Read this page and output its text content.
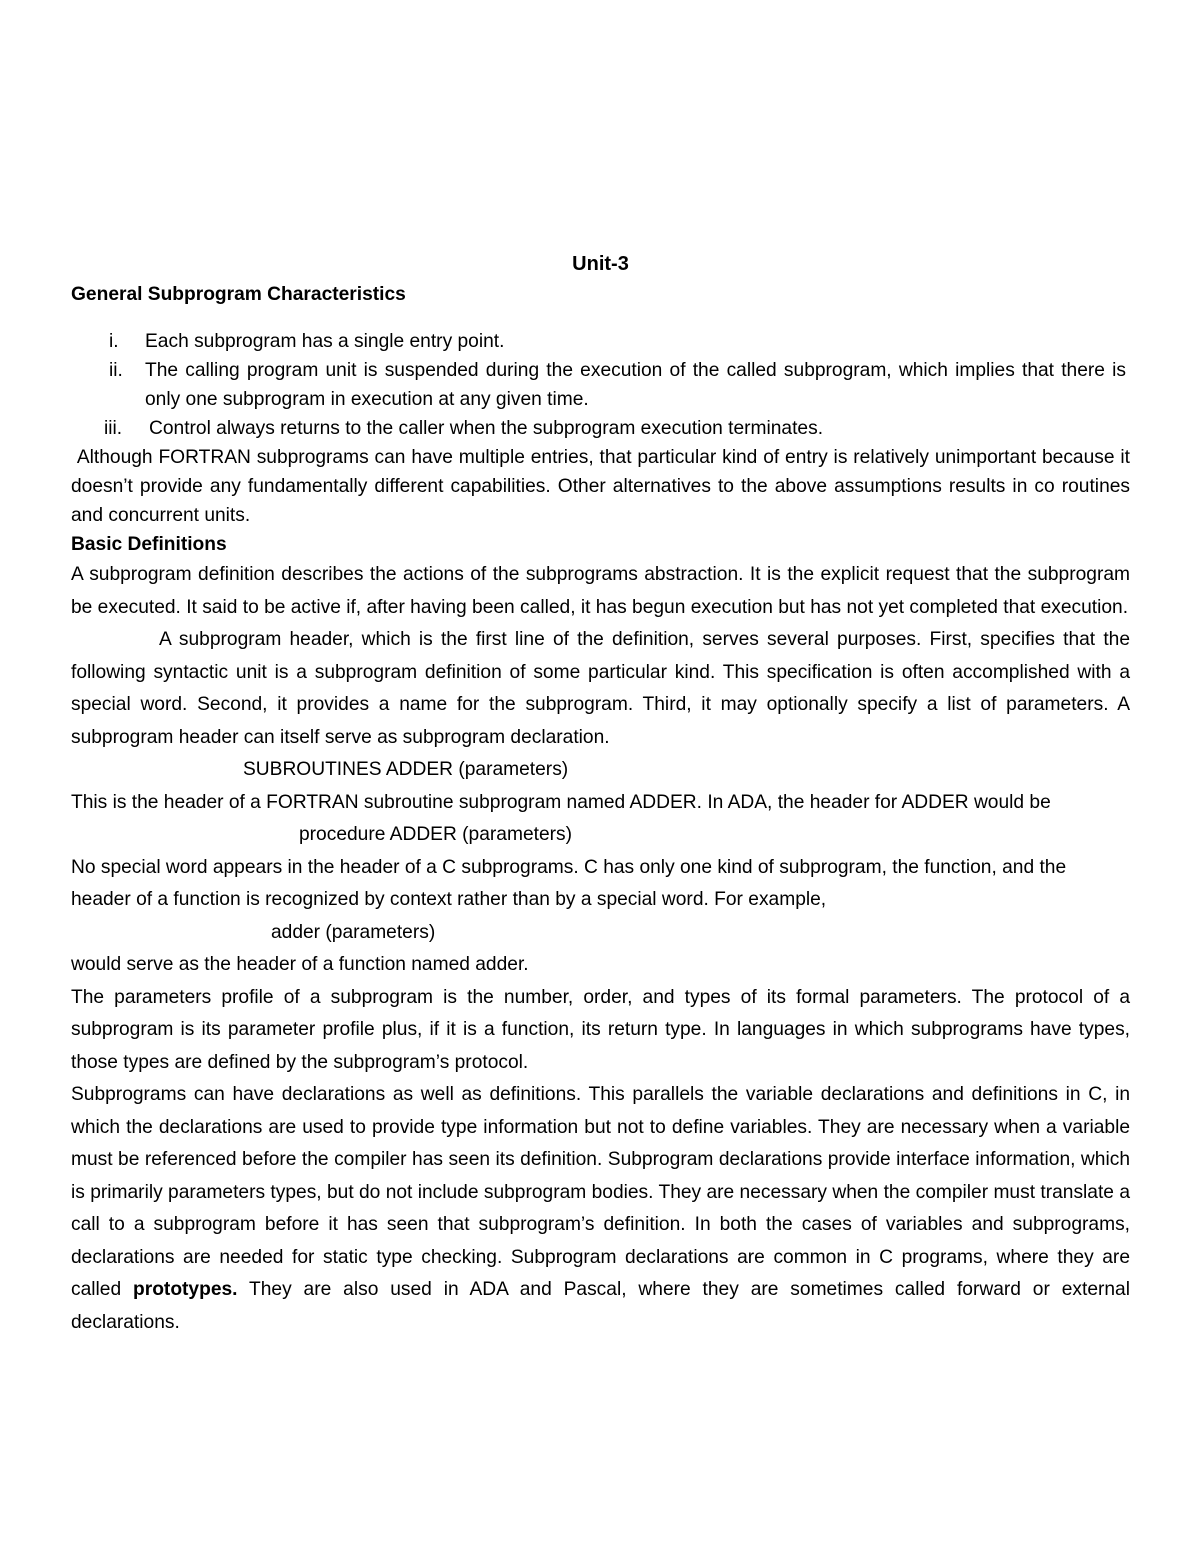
Unit-3
General Subprogram Characteristics
i. Each subprogram has a single entry point.
ii. The calling program unit is suspended during the execution of the called subprogram, which implies that there is only one subprogram in execution at any given time.
iii. Control always returns to the caller when the subprogram execution terminates.
Although FORTRAN subprograms can have multiple entries, that particular kind of entry is relatively unimportant because it doesn’t provide any fundamentally different capabilities. Other alternatives to the above assumptions results in co routines and concurrent units.
Basic Definitions
A subprogram definition describes the actions of the subprograms abstraction. It is the explicit request that the subprogram be executed. It said to be active if, after having been called, it has begun execution but has not yet completed that execution.
A subprogram header, which is the first line of the definition, serves several purposes. First, specifies that the following syntactic unit is a subprogram definition of some particular kind. This specification is often accomplished with a special word. Second, it provides a name for the subprogram. Third, it may optionally specify a list of parameters. A subprogram header can itself serve as subprogram declaration.
SUBROUTINES ADDER (parameters)
This is the header of a FORTRAN subroutine subprogram named ADDER. In ADA, the header for ADDER would be
procedure ADDER (parameters)
No special word appears in the header of a C subprograms. C has only one kind of subprogram, the function, and the header of a function is recognized by context rather than by a special word. For example,
adder (parameters)
would serve as the header of a function named adder.
The parameters profile of a subprogram is the number, order, and types of its formal parameters. The protocol of a subprogram is its parameter profile plus, if it is a function, its return type. In languages in which subprograms have types, those types are defined by the subprogram’s protocol.
Subprograms can have declarations as well as definitions. This parallels the variable declarations and definitions in C, in which the declarations are used to provide type information but not to define variables. They are necessary when a variable must be referenced before the compiler has seen its definition. Subprogram declarations provide interface information, which is primarily parameters types, but do not include subprogram bodies. They are necessary when the compiler must translate a call to a subprogram before it has seen that subprogram’s definition. In both the cases of variables and subprograms, declarations are needed for static type checking. Subprogram declarations are common in C programs, where they are called prototypes. They are also used in ADA and Pascal, where they are sometimes called forward or external declarations.
